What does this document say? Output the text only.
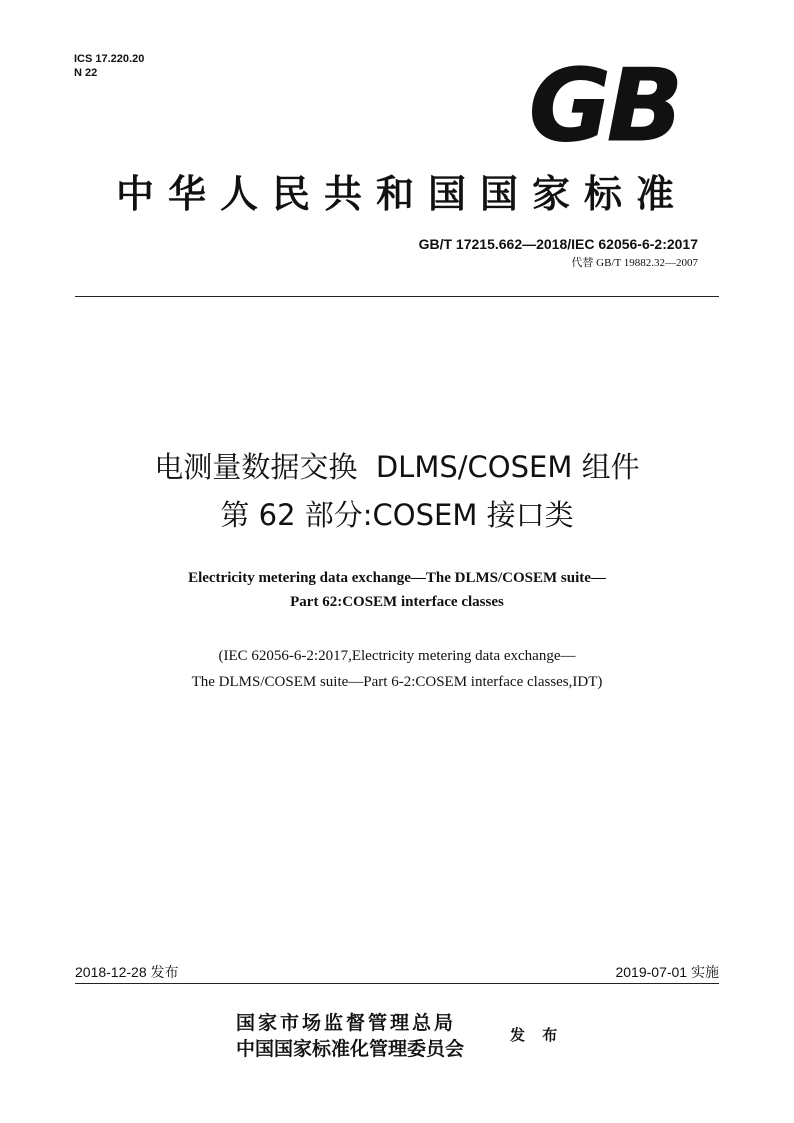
ICS 17.220.20
N 22	GB
中华人民共和国国家标准
GB/T 17215.662—2018/IEC 62056-6-2:2017
代替 GB/T 19882.32—2007
电测量数据交换  DLMS/COSEM 组件
第 62 部分:COSEM 接口类
Electricity metering data exchange—The DLMS/COSEM suite—
Part 62:COSEM interface classes
(IEC 62056-6-2:2017,Electricity metering data exchange—
The DLMS/COSEM suite—Part 6-2:COSEM interface classes,IDT)
2018-12-28 发布	2019-07-01 实施
国家市场监督管理总局
中国国家标准化管理委员会
发 布
